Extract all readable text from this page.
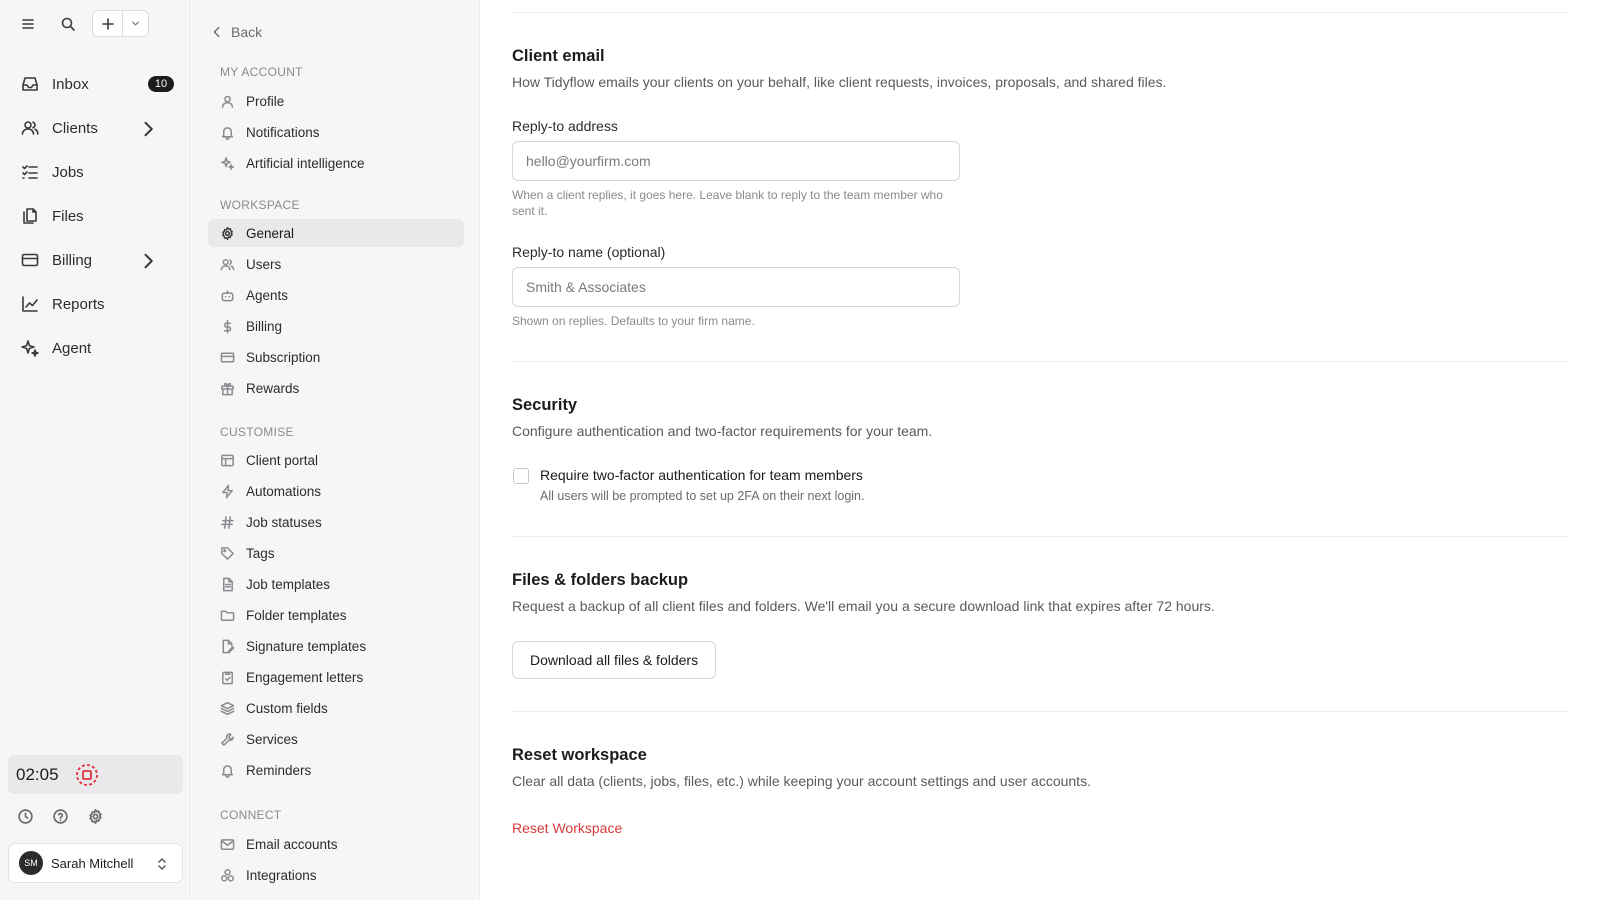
Inbox	10
Clients
Jobs
Files
Billing
Reports
Agent
02:05
SM	Sarah Mitchell
Back
MY ACCOUNT
Profile
Notifications
Artificial intelligence
WORKSPACE
General
Users
Agents
Billing
Subscription
Rewards
CUSTOMISE
Client portal
Automations
Job statuses
Tags
Job templates
Folder templates
Signature templates
Engagement letters
Custom fields
Services
Reminders
CONNECT
Email accounts
Integrations
Client email
How Tidyflow emails your clients on your behalf, like client requests, invoices, proposals, and shared files.
Reply-to address
hello@yourfirm.com
When a client replies, it goes here. Leave blank to reply to the team member who sent it.
Reply-to name (optional)
Smith & Associates
Shown on replies. Defaults to your firm name.
Security
Configure authentication and two-factor requirements for your team.
Require two-factor authentication for team members
All users will be prompted to set up 2FA on their next login.
Files & folders backup
Request a backup of all client files and folders. We'll email you a secure download link that expires after 72 hours.
Download all files & folders
Reset workspace
Clear all data (clients, jobs, files, etc.) while keeping your account settings and user accounts.
Reset Workspace
